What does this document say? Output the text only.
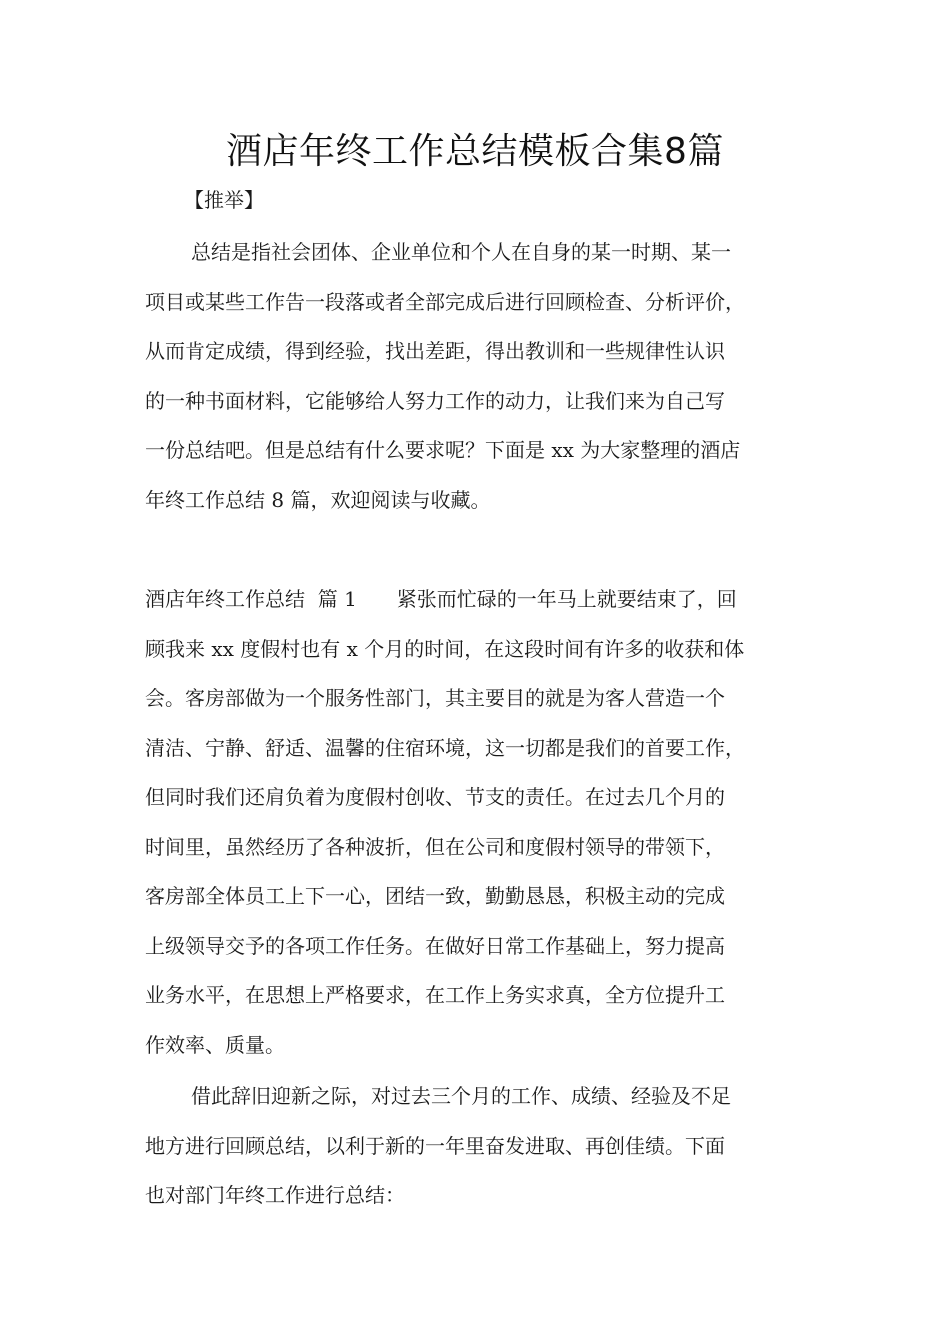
酒店年终工作总结模板合集8篇

【推举】

总结是指社会团体、企业单位和个人在自身的某一时期、某一
项目或某些工作告一段落或者全部完成后进行回顾检查、分析评价，
从而肯定成绩，得到经验，找出差距，得出教训和一些规律性认识
的一种书面材料，它能够给人努力工作的动力，让我们来为自己写
一份总结吧。但是总结有什么要求呢？下面是 xx 为大家整理的酒店
年终工作总结 8 篇，欢迎阅读与收藏。
酒店年终工作总结  篇 1 紧张而忙碌的一年马上就要结束了，回
顾我来 xx 度假村也有 x 个月的时间，在这段时间有许多的收获和体
会。客房部做为一个服务性部门，其主要目的就是为客人营造一个
清洁、宁静、舒适、温馨的住宿环境，这一切都是我们的首要工作，
但同时我们还肩负着为度假村创收、节支的责任。在过去几个月的
时间里，虽然经历了各种波折，但在公司和度假村领导的带领下，
客房部全体员工上下一心，团结一致，勤勤恳恳，积极主动的完成
上级领导交予的各项工作任务。在做好日常工作基础上，努力提高
业务水平，在思想上严格要求，在工作上务实求真，全方位提升工
作效率、质量。
借此辞旧迎新之际，对过去三个月的工作、成绩、经验及不足
地方进行回顾总结，以利于新的一年里奋发进取、再创佳绩。下面
也对部门年终工作进行总结：
